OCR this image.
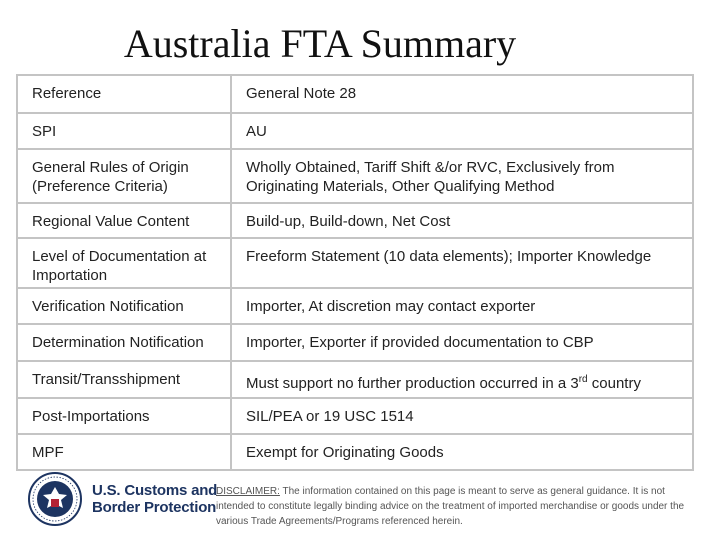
Australia FTA Summary
Reference	General Note 28
SPI	AU
General Rules of Origin (Preference Criteria)	Wholly Obtained, Tariff Shift &/or RVC, Exclusively from Originating Materials, Other Qualifying Method
Regional Value Content	Build-up, Build-down, Net Cost
Level of Documentation at Importation	Freeform Statement (10 data elements); Importer Knowledge
Verification Notification	Importer, At discretion may contact exporter
Determination Notification	Importer, Exporter if provided documentation to CBP
Transit/Transshipment	Must support no further production occurred in a 3rd country
Post-Importations	SIL/PEA or 19 USC 1514
MPF	Exempt for Originating Goods
U.S. Customs and
Border Protection
DISCLAIMER: The information contained on this page is meant to serve as general guidance. It is not intended to constitute legally binding advice on the treatment of imported merchandise or goods under the various Trade Agreements/Programs referenced herein.
